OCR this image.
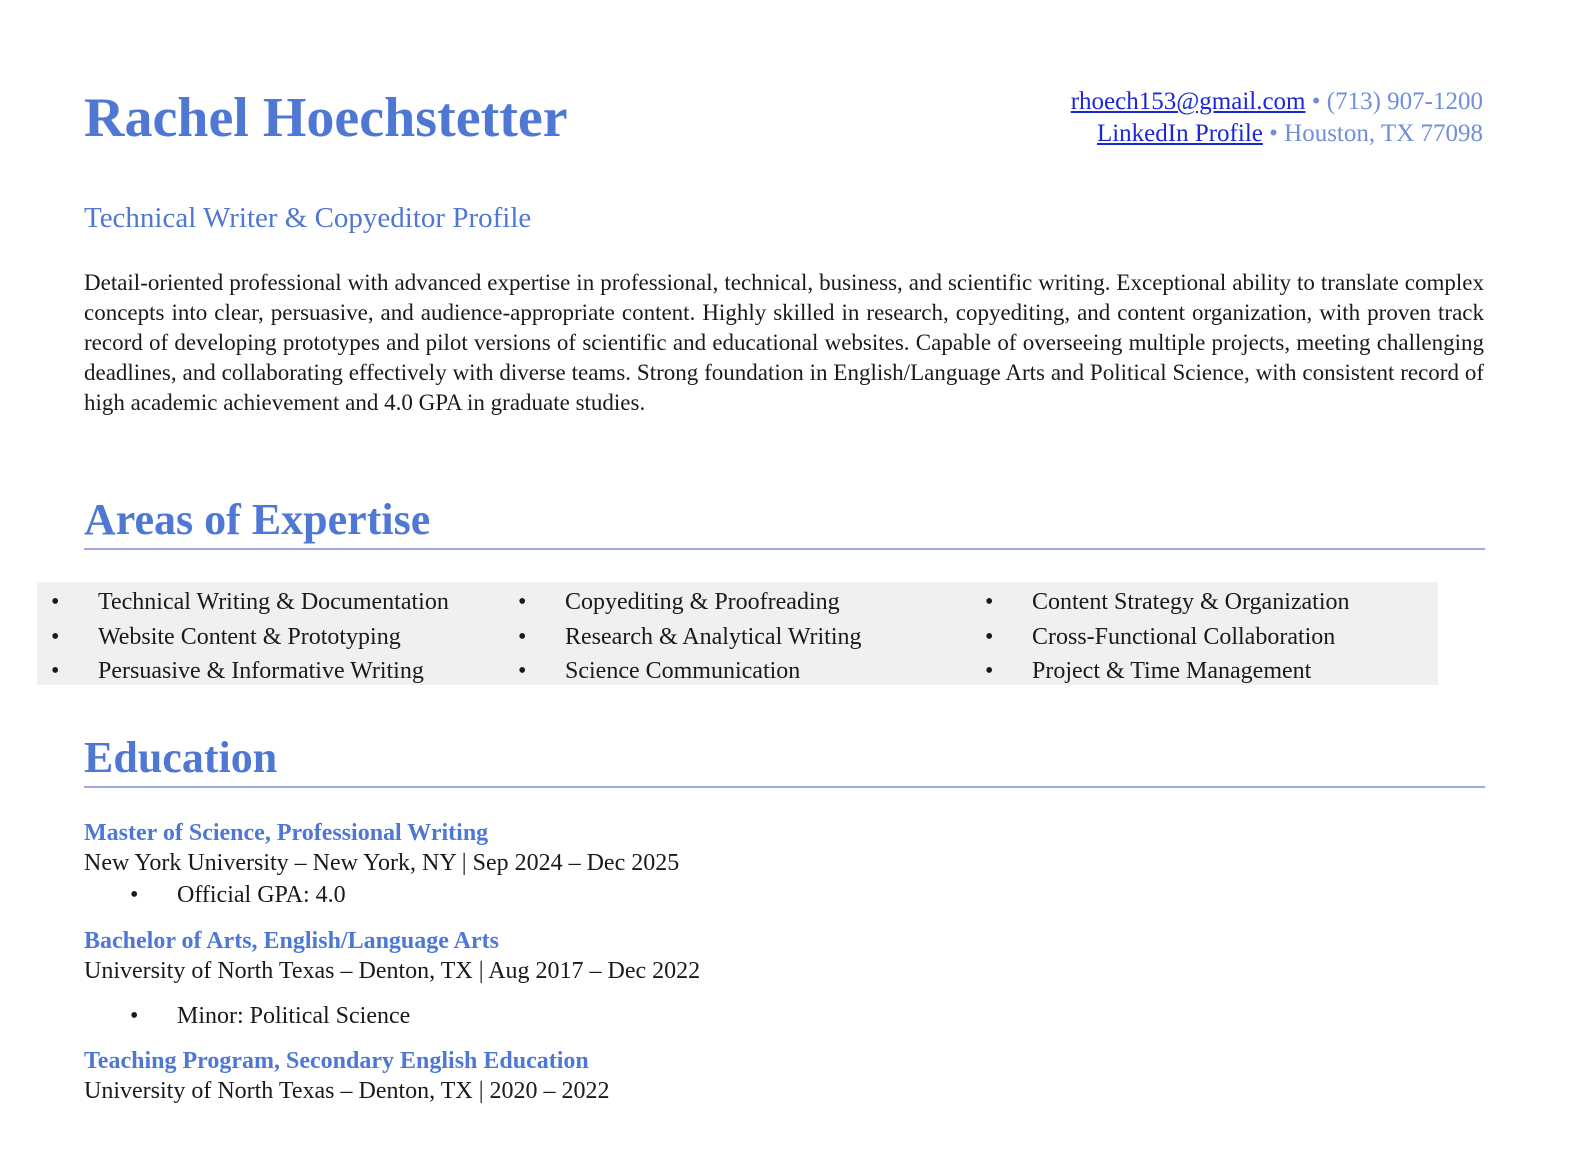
Rachel Hoechstetter	rhoech153@gmail.com • (713) 907-1200
LinkedIn Profile • Houston, TX 77098
Technical Writer & Copyeditor Profile

Detail-oriented professional with advanced expertise in professional, technical, business, and scientific writing. Exceptional ability to translate complex concepts into clear, persuasive, and audience-appropriate content. Highly skilled in research, copyediting, and content organization, with proven track record of developing prototypes and pilot versions of scientific and educational websites. Capable of overseeing multiple projects, meeting challenging deadlines, and collaborating effectively with diverse teams. Strong foundation in English/Language Arts and Political Science, with consistent record of high academic achievement and 4.0 GPA in graduate studies.

Areas of Expertise
• Technical Writing & Documentation
• Website Content & Prototyping
• Persuasive & Informative Writing
• Copyediting & Proofreading
• Research & Analytical Writing
• Science Communication
• Content Strategy & Organization
• Cross-Functional Collaboration
• Project & Time Management
Education
Master of Science, Professional Writing
New York University – New York, NY | Sep 2024 – Dec 2025
• Official GPA: 4.0
Bachelor of Arts, English/Language Arts
University of North Texas – Denton, TX | Aug 2017 – Dec 2022
• Minor: Political Science
Teaching Program, Secondary English Education
University of North Texas – Denton, TX | 2020 – 2022
